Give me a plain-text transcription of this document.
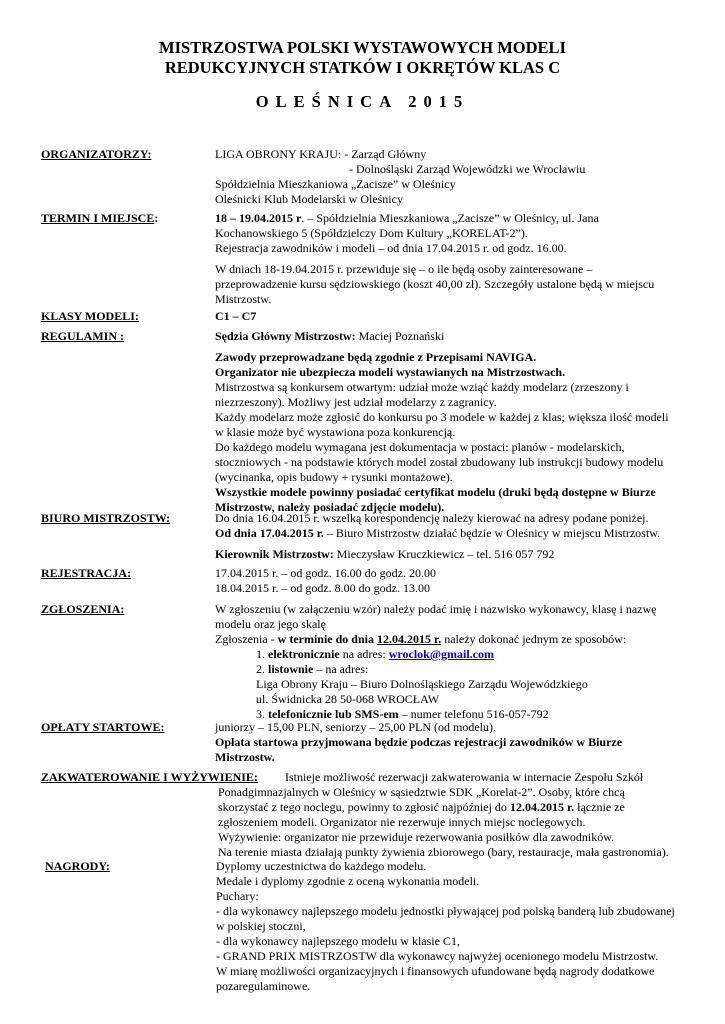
MISTRZOSTWA POLSKI WYSTAWOWYCH MODELI
REDUKCYJNYCH STATKÓW I OKRĘTÓW KLAS C
OLEŚNICA 2015
ORGANIZATORZY:	LIGA OBRONY KRAJU: - Zarząd Główny

- Dolnośląski Zarząd Wojewódzki we Wrocławiu

Spółdzielnia Mieszkaniowa „Zacisze” w Oleśnicy

Oleśnicki Klub Modelarski w Oleśnicy

TERMIN I MIEJSCE:	18 – 19.04.2015 r. – Spółdzielnia Mieszkaniowa „Zacisze” w Oleśnicy, ul. Jana

Kochanowskiego 5 (Spółdzielczy Dom Kultury „KORELAT-2”).

Rejestracja zawodników i modeli – od dnia 17.04.2015 r. od godz. 16.00.

W dniach 18-19.04.2015 r. przewiduje się – o ile będą osoby zainteresowane –

przeprowadzenie kursu sędziowskiego (koszt 40,00 zł). Szczegóły ustalone będą w miejscu

Mistrzostw.

KLASY MODELI:	C1 – C7
REGULAMIN :	Sędzia Główny Mistrzostw: Maciej Poznański

Zawody przeprowadzane będą zgodnie z Przepisami NAVIGA.

Organizator nie ubezpiecza modeli wystawianych na Mistrzostwach.

Mistrzostwa są konkursem otwartym: udział może wziąć każdy modelarz (zrzeszony i

niezrzeszony). Możliwy jest udział modelarzy z zagranicy.

Każdy modelarz może zgłosić do konkursu po 3 modele w każdej z klas; większa ilość modeli

w klasie może być wystawiona poza konkurencją.

Do każdego modelu wymagana jest dokumentacja w postaci: planów - modelarskich,

stoczniowych - na podstawie których model został zbudowany lub instrukcji budowy modelu

(wycinanka, opis budowy + rysunki montażowe).

Wszystkie modele powinny posiadać certyfikat modelu (druki będą dostępne w Biurze

Mistrzostw, należy posiadać zdjęcie modelu).

BIURO MISTRZOSTW:	Do dnia 16.04.2015 r. wszelką korespondencję należy kierować na adresy podane poniżej.

Od dnia 17.04.2015 r. – Biuro Mistrzostw działać będzie w Oleśnicy w miejscu Mistrzostw.

Kierownik Mistrzostw: Mieczysław Kruczkiewicz – tel. 516 057 792

REJESTRACJA:	17.04.2015 r. – od godz. 16.00 do godz. 20.00

18.04.2015 r. – od godz. 8.00 do godz. 13.00

ZGŁOSZENIA:	W zgłoszeniu (w załączeniu wzór) należy podać imię i nazwisko wykonawcy, klasę i nazwę

modelu oraz jego skalę

Zgłoszenia - w terminie do dnia 12.04.2015 r. należy dokonać jednym ze sposobów:

1. elektronicznie na adres: wroclok@gmail.com

2. listownie – na adres:

Liga Obrony Kraju – Biuro Dolnośląskiego Zarządu Wojewódzkiego

ul. Świdnicka 28 50-068 WROCŁAW

3. telefonicznie lub SMS-em – numer telefonu 516-057-792

OPŁATY STARTOWE:	juniorzy – 15,00 PLN, seniorzy – 25,00 PLN (od modelu).

Opłata startowa przyjmowana będzie podczas rejestracji zawodników w Biurze

Mistrzostw.

ZAKWATEROWANIE I WYŻYWIENIE: Istnieje możliwość rezerwacji zakwaterowania w internacie Zespołu Szkół

Ponadgimnazjalnych w Oleśnicy w sąsiedztwie SDK „Korelat-2”. Osoby, które chcą

skorzystać z tego noclegu, powinny to zgłosić najpóźniej do 12.04.2015 r. łącznie ze

zgłoszeniem modeli. Organizator nie rezerwuje innych miejsc noclegowych.

Wyżywienie: organizator nie przewiduje rezerwowania posiłków dla zawodników.

Na terenie miasta działają punkty żywienia zbiorowego (bary, restauracje, mała gastronomia).

NAGRODY:	Dyplomy uczestnictwa do każdego modelu.

Medale i dyplomy zgodnie z oceną wykonania modeli.

Puchary:

- dla wykonawcy najlepszego modelu jednostki pływającej pod polską banderą lub zbudowanej

w polskiej stoczni,

- dla wykonawcy najlepszego modelu w klasie C1,

- GRAND PRIX MISTRZOSTW dla wykonawcy najwyżej ocenionego modelu Mistrzostw.

W miarę możliwości organizacyjnych i finansowych ufundowane będą nagrody dodatkowe

pozaregulaminowe.
